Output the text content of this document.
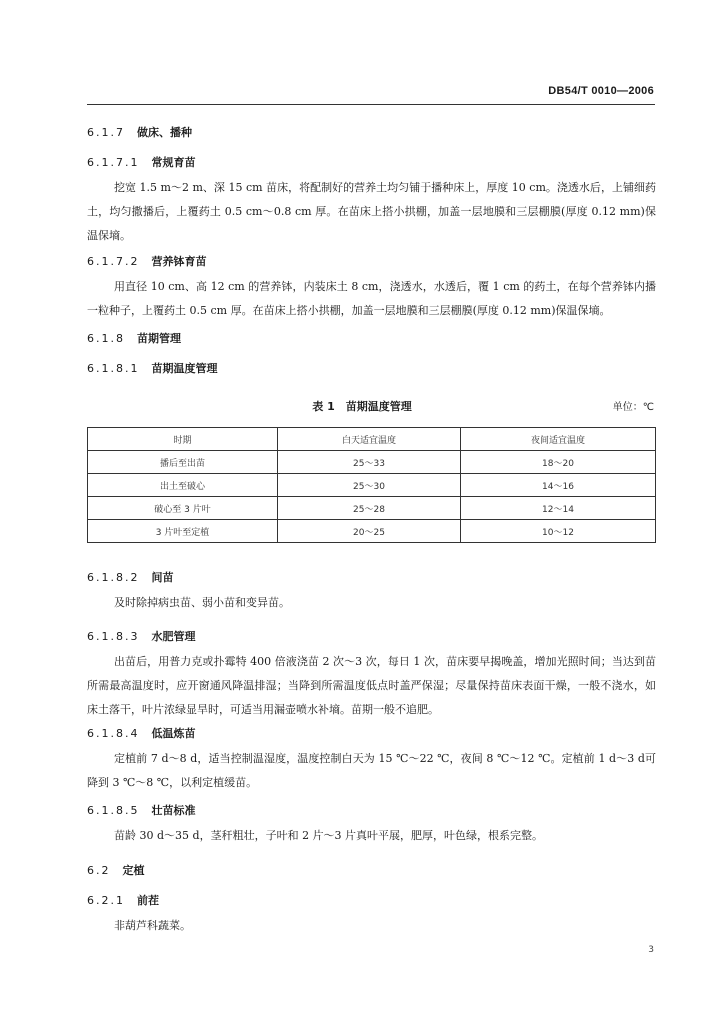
DB54/T 0010—2006
6.1.7 做床、播种
6.1.7.1 常规育苗
挖宽 1.5 m～2 m、深 15 cm 苗床，将配制好的营养土均匀铺于播种床上，厚度 10 cm。浇透水后，上铺细药土，均匀撒播后，上覆药土 0.5 cm～0.8 cm 厚。在苗床上搭小拱棚，加盖一层地膜和三层棚膜(厚度 0.12 mm)保温保墒。
6.1.7.2 营养钵育苗
用直径 10 cm、高 12 cm 的营养钵，内装床土 8 cm，浇透水，水透后，覆 1 cm 的药土，在每个营养钵内播一粒种子，上覆药土 0.5 cm 厚。在苗床上搭小拱棚，加盖一层地膜和三层棚膜(厚度 0.12 mm)保温保墒。
6.1.8 苗期管理
6.1.8.1 苗期温度管理
表 1　苗期温度管理	单位：℃
时期	白天适宜温度	夜间适宜温度
播后至出苗	25～33	18～20
出土至破心	25～30	14～16
破心至 3 片叶	25～28	12～14
3 片叶至定植	20～25	10～12
6.1.8.2 间苗
及时除掉病虫苗、弱小苗和变异苗。
6.1.8.3 水肥管理
出苗后，用普力克或扑霉特 400 倍液浇苗 2 次～3 次，每日 1 次，苗床要早揭晚盖，增加光照时间；当达到苗所需最高温度时，应开窗通风降温排湿；当降到所需温度低点时盖严保湿；尽量保持苗床表面干燥，一般不浇水，如床土落干，叶片浓绿显旱时，可适当用漏壶喷水补墒。苗期一般不追肥。
6.1.8.4 低温炼苗
定植前 7 d～8 d，适当控制温湿度，温度控制白天为 15 ℃～22 ℃，夜间 8 ℃～12 ℃。定植前 1 d～3 d可降到 3 ℃～8 ℃，以利定植缓苗。
6.1.8.5 壮苗标准
苗龄 30 d～35 d，茎秆粗壮，子叶和 2 片～3 片真叶平展，肥厚，叶色绿，根系完整。
6.2 定植
6.2.1 前茬
非葫芦科蔬菜。
3
